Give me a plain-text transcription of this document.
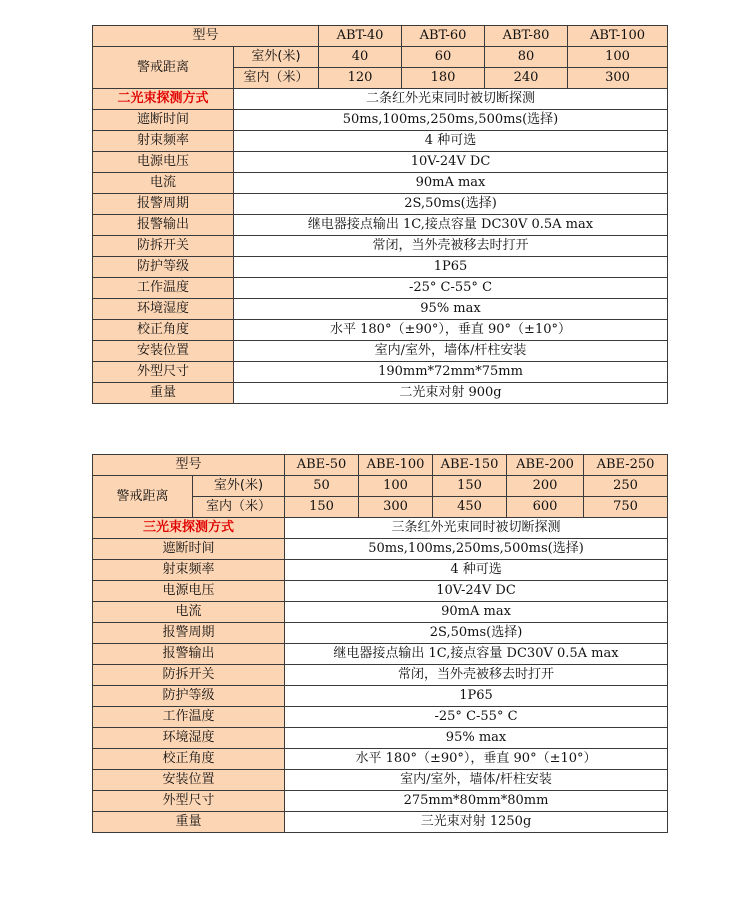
型号		ABT-40	ABT-60	ABT-80	ABT-100
警戒距离	室外(米)	40	60	80	100
	室内（米）	120	180	240	300
二光束探测方式	二条红外光束同时被切断探测				
遮断时间	50ms,100ms,250ms,500ms(选择)				
射束频率	4 种可选				
电源电压	10V-24V DC				
电流	90mA max				
报警周期	2S,50ms(选择)				
报警输出	继电器接点输出 1C,接点容量 DC30V 0.5A max				
防拆开关	常闭，当外壳被移去时打开				
防护等级	1P65				
工作温度	-25° C-55° C				
环境湿度	95% max				
校正角度	水平 180°（±90°），垂直 90°（±10°）				
安装位置	室内/室外，墙体/杆柱安装				
外型尺寸	190mm*72mm*75mm				
重量	二光束对射 900g				
型号		ABE-50	ABE-100	ABE-150	ABE-200	ABE-250
警戒距离	室外(米)	50	100	150	200	250
	室内（米）	150	300	450	600	750
三光束探测方式		三条红外光束同时被切断探测				
遮断时间		50ms,100ms,250ms,500ms(选择)				
射束频率		4 种可选				
电源电压		10V-24V DC				
电流		90mA max				
报警周期		2S,50ms(选择)				
报警输出		继电器接点输出 1C,接点容量 DC30V 0.5A max				
防拆开关		常闭，当外壳被移去时打开				
防护等级		1P65				
工作温度		-25° C-55° C				
环境湿度		95% max				
校正角度		水平 180°（±90°），垂直 90°（±10°）				
安装位置		室内/室外，墙体/杆柱安装				
外型尺寸		275mm*80mm*80mm				
重量		三光束对射 1250g				
